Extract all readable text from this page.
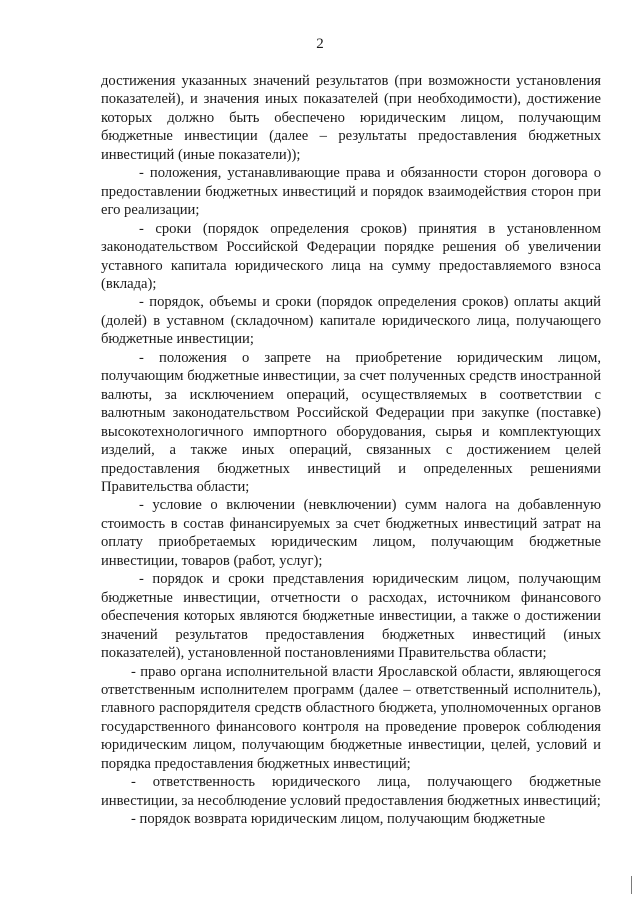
2

достижения указанных значений результатов (при возможности установления показателей), и значения иных показателей (при необходимости), достижение которых должно быть обеспечено юридическим лицом, получающим бюджетные инвестиции (далее – результаты предоставления бюджетных инвестиций (иные показатели));

- положения, устанавливающие права и обязанности сторон договора о предоставлении бюджетных инвестиций и порядок взаимодействия сторон при его реализации;

- сроки (порядок определения сроков) принятия в установленном законодательством Российской Федерации порядке решения об увеличении уставного капитала юридического лица на сумму предоставляемого взноса (вклада);

- порядок, объемы и сроки (порядок определения сроков) оплаты акций (долей) в уставном (складочном) капитале юридического лица, получающего бюджетные инвестиции;

- положения о запрете на приобретение юридическим лицом, получающим бюджетные инвестиции, за счет полученных средств иностранной валюты, за исключением операций, осуществляемых в соответствии с валютным законодательством Российской Федерации при закупке (поставке) высокотехнологичного импортного оборудования, сырья и комплектующих изделий, а также иных операций, связанных с достижением целей предоставления бюджетных инвестиций и определенных решениями Правительства области;

- условие о включении (невключении) сумм налога на добавленную стоимость в состав финансируемых за счет бюджетных инвестиций затрат на оплату приобретаемых юридическим лицом, получающим бюджетные инвестиции, товаров (работ, услуг);

- порядок и сроки представления юридическим лицом, получающим бюджетные инвестиции, отчетности о расходах, источником финансового обеспечения которых являются бюджетные инвестиции, а также о достижении значений результатов предоставления бюджетных инвестиций (иных показателей), установленной постановлениями Правительства области;

- право органа исполнительной власти Ярославской области, являющегося ответственным исполнителем программ (далее – ответственный исполнитель), главного распорядителя средств областного бюджета, уполномоченных органов государственного финансового контроля на проведение проверок соблюдения юридическим лицом, получающим бюджетные инвестиции, целей, условий и порядка предоставления бюджетных инвестиций;

- ответственность юридического лица, получающего бюджетные инвестиции, за несоблюдение условий предоставления бюджетных инвестиций;

- порядок возврата юридическим лицом, получающим бюджетные
